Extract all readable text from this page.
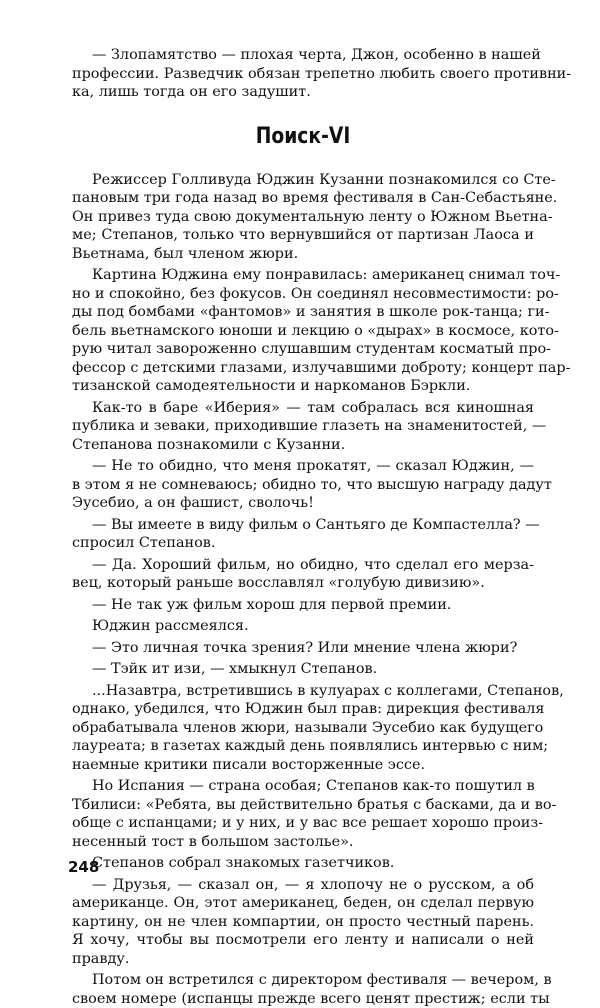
— Злопамятство — плохая черта, Джон, особенно в нашей

профессии. Разведчик обязан трепетно любить своего противни-

ка, лишь тогда он его задушит.

Поиск-VI

Режиссер Голливуда Юджин Кузанни познакомился со Сте-

пановым три года назад во время фестиваля в Сан-Себастьяне.

Он привез туда свою документальную ленту о Южном Вьетна-

ме; Степанов, только что вернувшийся от партизан Лаоса и

Вьетнама, был членом жюри.

Картина Юджина ему понравилась: американец снимал точ-

но и спокойно, без фокусов. Он соединял несовместимости: ро-

ды под бомбами «фантомов» и занятия в школе рок-танца; ги-

бель вьетнамского юноши и лекцию о «дырах» в космосе, кото-

рую читал завороженно слушавшим студентам косматый про-

фессор с детскими глазами, излучавшими доброту; концерт пар-

тизанской самодеятельности и наркоманов Бэркли.

Как-то в баре «Иберия» — там собралась вся киношная

публика и зеваки, приходившие глазеть на знаменитостей, —

Степанова познакомили с Кузанни.

— Не то обидно, что меня прокатят, — сказал Юджин, —

в этом я не сомневаюсь; обидно то, что высшую награду дадут

Эусебио, а он фашист, сволочь!

— Вы имеете в виду фильм о Сантьяго де Компастелла? —

спросил Степанов.

— Да. Хороший фильм, но обидно, что сделал его мерза-

вец, который раньше восславлял «голубую дивизию».

— Не так уж фильм хорош для первой премии.

Юджин рассмеялся.

— Это личная точка зрения? Или мнение члена жюри?

— Тэйк ит изи, — хмыкнул Степанов.

...Назавтра, встретившись в кулуарах с коллегами, Степанов,

однако, убедился, что Юджин был прав: дирекция фестиваля

обрабатывала членов жюри, называли Эусебио как будущего

лауреата; в газетах каждый день появлялись интервью с ним;

наемные критики писали восторженные эссе.

Но Испания — страна особая; Степанов как-то пошутил в

Тбилиси: «Ребята, вы действительно братья с басками, да и во-

обще с испанцами; и у них, и у вас все решает хорошо произ-

несенный тост в большом застолье».

Степанов собрал знакомых газетчиков.

— Друзья, — сказал он, — я хлопочу не о русском, а об

американце. Он, этот американец, беден, он сделал первую

картину, он не член компартии, он просто честный парень.

Я хочу, чтобы вы посмотрели его ленту и написали о ней

правду.

Потом он встретился с директором фестиваля — вечером, в

своем номере (испанцы прежде всего ценят престиж; если ты

248
